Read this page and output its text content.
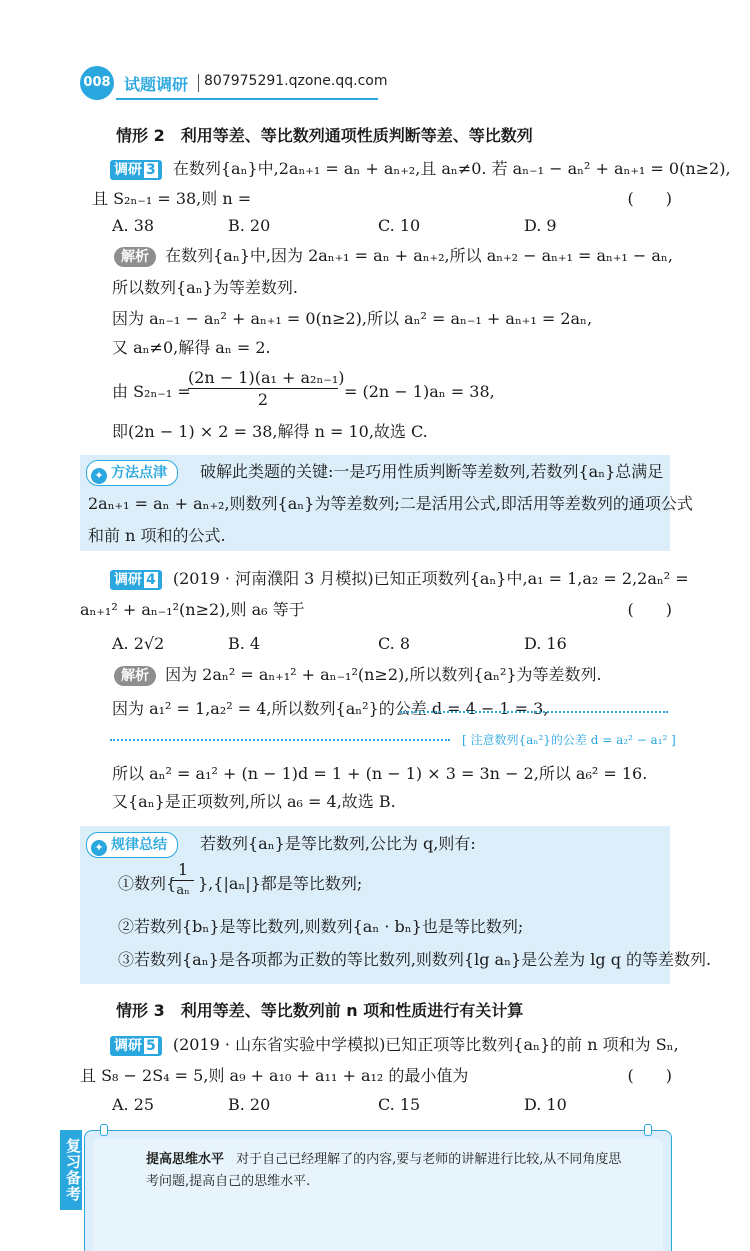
008 试题调研 807975291.qzone.qq.com
情形 2　利用等差、等比数列通项性质判断等差、等比数列
调研 3 在数列{aₙ}中,2aₙ₊₁ = aₙ + aₙ₊₂,且 aₙ≠0. 若 aₙ₋₁ − aₙ² + aₙ₊₁ = 0(n≥2),
且 S₂ₙ₋₁ = 38,则 n =	(　　)
A. 38	B. 20	C. 10	D. 9
解析 在数列{aₙ}中,因为 2aₙ₊₁ = aₙ + aₙ₊₂,所以 aₙ₊₂ − aₙ₊₁ = aₙ₊₁ − aₙ,
所以数列{aₙ}为等差数列.
因为 aₙ₋₁ − aₙ² + aₙ₊₁ = 0(n≥2),所以 aₙ² = aₙ₋₁ + aₙ₊₁ = 2aₙ,
又 aₙ≠0,解得 aₙ = 2.
由 S₂ₙ₋₁ =
(2n − 1)(a₁ + a₂ₙ₋₁)
2	= (2n − 1)aₙ = 38,
即(2n − 1) × 2 = 38,解得 n = 10,故选 C.
✦ 方法点津	破解此类题的关键:一是巧用性质判断等差数列,若数列{aₙ}总满足
2aₙ₊₁ = aₙ + aₙ₊₂,则数列{aₙ}为等差数列;二是活用公式,即活用等差数列的通项公式
和前 n 项和的公式.
调研 4 (2019 · 河南濮阳 3 月模拟)已知正项数列{aₙ}中,a₁ = 1,a₂ = 2,2aₙ² =
aₙ₊₁² + aₙ₋₁²(n≥2),则 a₆ 等于	(　　)
A. 2√2	B. 4	C. 8	D. 16
解析 因为 2aₙ² = aₙ₊₁² + aₙ₋₁²(n≥2),所以数列{aₙ²}为等差数列.
因为 a₁² = 1,a₂² = 4,所以数列{aₙ²}的公差 d = 4 − 1 = 3,
[ 注意数列{aₙ²}的公差 d = a₂² − a₁² ]
所以 aₙ² = a₁² + (n − 1)d = 1 + (n − 1) × 3 = 3n − 2,所以 a₆² = 16.
又{aₙ}是正项数列,所以 a₆ = 4,故选 B.
✦ 规律总结	若数列{aₙ}是等比数列,公比为 q,则有:
①数列{
1
aₙ },{|aₙ|}都是等比数列;
②若数列{bₙ}是等比数列,则数列{aₙ · bₙ}也是等比数列;
③若数列{aₙ}是各项都为正数的等比数列,则数列{lg aₙ}是公差为 lg q 的等差数列.
情形 3　利用等差、等比数列前 n 项和性质进行有关计算
调研 5 (2019 · 山东省实验中学模拟)已知正项等比数列{aₙ}的前 n 项和为 Sₙ,
且 S₈ − 2S₄ = 5,则 a₉ + a₁₀ + a₁₁ + a₁₂ 的最小值为	(　　)
A. 25	B. 20	C. 15	D. 10
复习备考	提高思维水平 对于自己已经理解了的内容,要与老师的讲解进行比较,从不同角度思
考问题,提高自己的思维水平.
